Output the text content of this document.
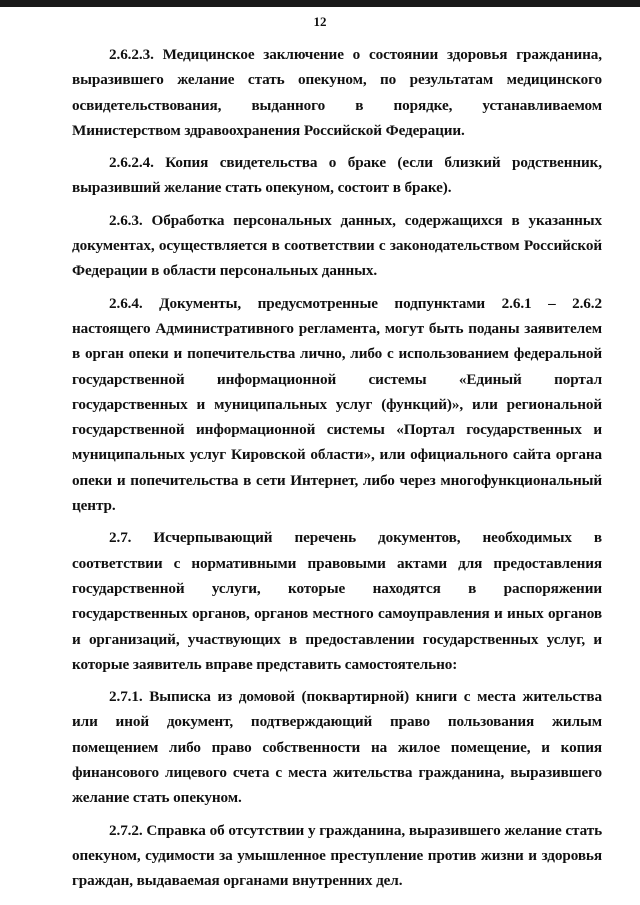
12

2.6.2.3. Медицинское заключение о состоянии здоровья гражданина, выразившего желание стать опекуном, по результатам медицинского освидетельствования, выданного в порядке, устанавливаемом Министерством здравоохранения Российской Федерации.

2.6.2.4. Копия свидетельства о браке (если близкий родственник, выразивший желание стать опекуном, состоит в браке).

2.6.3. Обработка персональных данных, содержащихся в указанных документах, осуществляется в соответствии с законодательством Российской Федерации в области персональных данных.

2.6.4. Документы, предусмотренные подпунктами 2.6.1 – 2.6.2 настоящего Административного регламента, могут быть поданы заявителем в орган опеки и попечительства лично, либо с использованием федеральной государственной информационной системы «Единый портал государственных и муниципальных услуг (функций)», или региональной государственной информационной системы «Портал государственных и муниципальных услуг Кировской области», или официального сайта органа опеки и попечительства в сети Интернет, либо через многофункциональный центр.

2.7. Исчерпывающий перечень документов, необходимых в соответствии с нормативными правовыми актами для предоставления государственной услуги, которые находятся в распоряжении государственных органов, органов местного самоуправления и иных органов и организаций, участвующих в предоставлении государственных услуг, и которые заявитель вправе представить самостоятельно:

2.7.1. Выписка из домовой (поквартирной) книги с места жительства или иной документ, подтверждающий право пользования жилым помещением либо право собственности на жилое помещение, и копия финансового лицевого счета с места жительства гражданина, выразившего желание стать опекуном.

2.7.2. Справка об отсутствии у гражданина, выразившего желание стать опекуном, судимости за умышленное преступление против жизни и здоровья граждан, выдаваемая органами внутренних дел.
